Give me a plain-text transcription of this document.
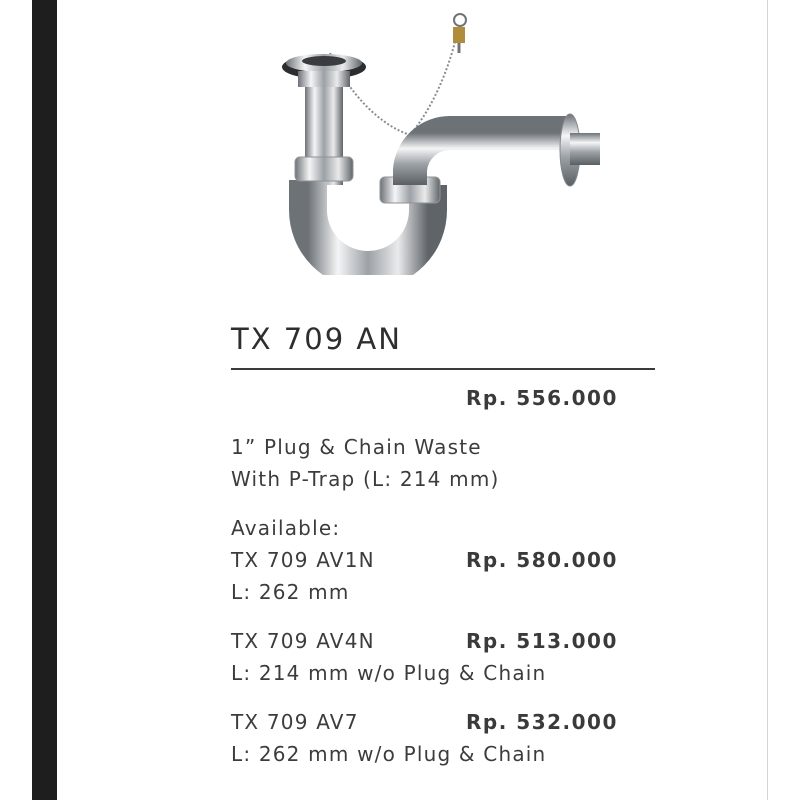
TX 709 AN
Rp. 556.000
1” Plug & Chain Waste
With P-Trap (L: 214 mm)
Available:
TX 709 AV1N	Rp. 580.000
L: 262 mm
TX 709 AV4N	Rp. 513.000
L: 214 mm w/o Plug & Chain
TX 709 AV7	Rp. 532.000
L: 262 mm w/o Plug & Chain
